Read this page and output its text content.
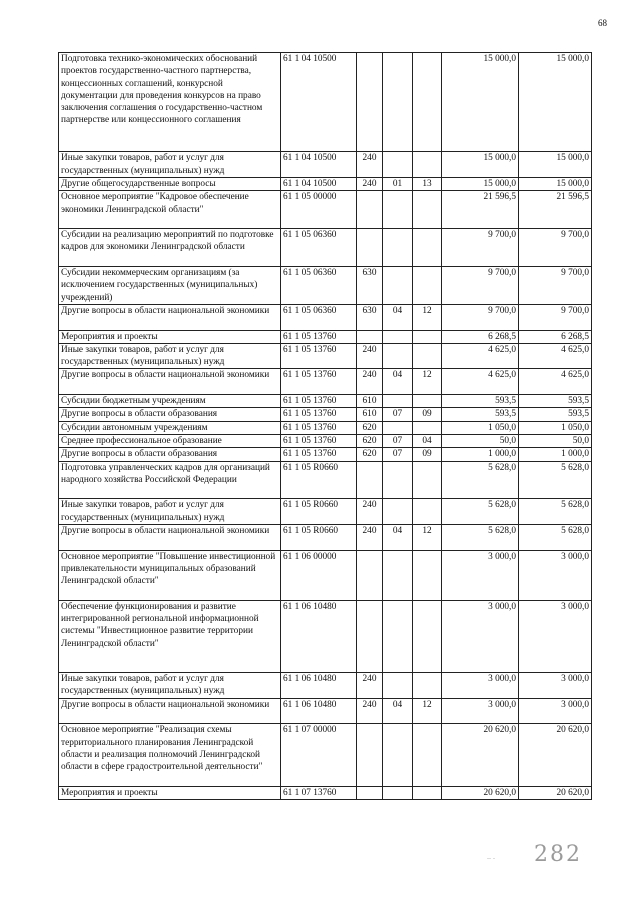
68
Подготовка технико-экономических обоснований проектов государственно-частного партнерства, концессионных соглашений, конкурсной документации для проведения конкурсов на право заключения соглашения о государственно-частном партнерстве или концессионного соглашения	61 1 04 10500				15 000,0	15 000,0
Иные закупки товаров, работ и услуг для государственных (муниципальных) нужд	61 1 04 10500	240			15 000,0	15 000,0
Другие общегосударственные вопросы	61 1 04 10500	240	01	13	15 000,0	15 000,0
Основное мероприятие "Кадровое обеспечение экономики Ленинградской области"	61 1 05 00000				21 596,5	21 596,5
Субсидии на реализацию мероприятий по подготовке кадров для экономики Ленинградской области	61 1 05 06360				9 700,0	9 700,0
Субсидии некоммерческим организациям (за исключением государственных (муниципальных) учреждений)	61 1 05 06360	630			9 700,0	9 700,0
Другие вопросы в области национальной экономики	61 1 05 06360	630	04	12	9 700,0	9 700,0
Мероприятия и проекты	61 1 05 13760				6 268,5	6 268,5
Иные закупки товаров, работ и услуг для государственных (муниципальных) нужд	61 1 05 13760	240			4 625,0	4 625,0
Другие вопросы в области национальной экономики	61 1 05 13760	240	04	12	4 625,0	4 625,0
Субсидии бюджетным учреждениям	61 1 05 13760	610			593,5	593,5
Другие вопросы в области образования	61 1 05 13760	610	07	09	593,5	593,5
Субсидии автономным учреждениям	61 1 05 13760	620			1 050,0	1 050,0
Среднее профессиональное образование	61 1 05 13760	620	07	04	50,0	50,0
Другие вопросы в области образования	61 1 05 13760	620	07	09	1 000,0	1 000,0
Подготовка управленческих кадров для организаций народного хозяйства Российской Федерации	61 1 05 R0660				5 628,0	5 628,0
Иные закупки товаров, работ и услуг для государственных (муниципальных) нужд	61 1 05 R0660	240			5 628,0	5 628,0
Другие вопросы в области национальной экономики	61 1 05 R0660	240	04	12	5 628,0	5 628,0
Основное мероприятие "Повышение инвестиционной привлекательности муниципальных образований Ленинградской области"	61 1 06 00000				3 000,0	3 000,0
Обеспечение функционирования и развитие интегрированной региональной информационной системы "Инвестиционное развитие территории Ленинградской области"	61 1 06 10480				3 000,0	3 000,0
Иные закупки товаров, работ и услуг для государственных (муниципальных) нужд	61 1 06 10480	240			3 000,0	3 000,0
Другие вопросы в области национальной экономики	61 1 06 10480	240	04	12	3 000,0	3 000,0
Основное мероприятие "Реализация схемы территориального планирования Ленинградской области и реализация полномочий Ленинградской области в сфере градостроительной деятельности"	61 1 07 00000				20 620,0	20 620,0
Мероприятия и проекты	61 1 07 13760				20 620,0	20 620,0
.. . 282
